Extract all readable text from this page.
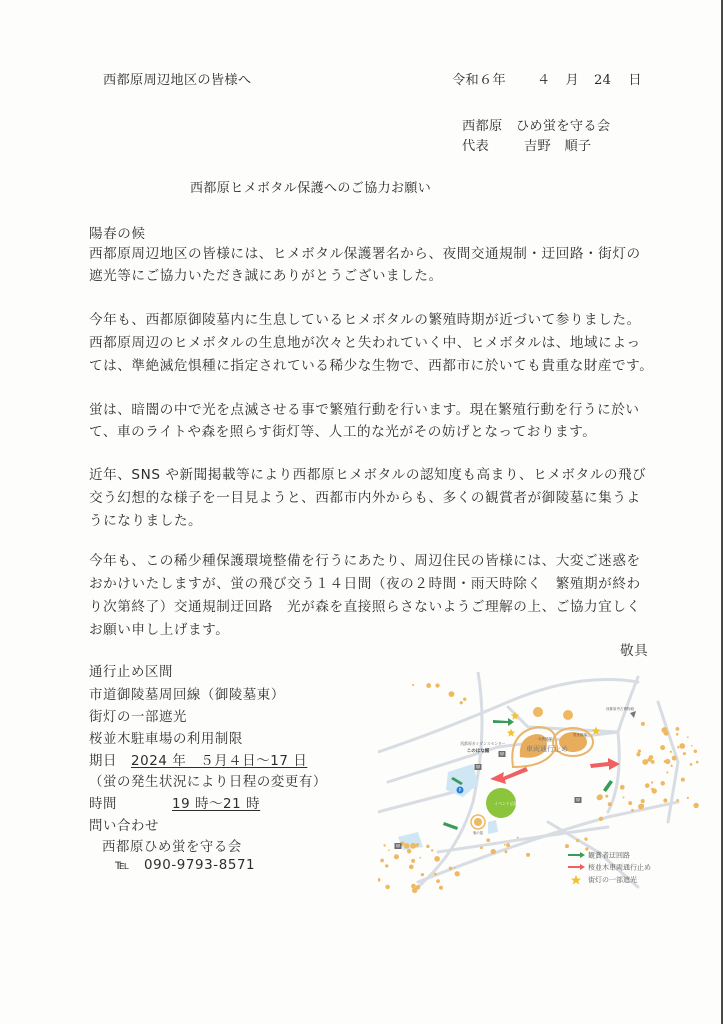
西都原周辺地区の皆様へ	令和６年 ４ 月 24 日
西都原　ひめ蛍を守る会
代表	吉野　順子
西都原ヒメボタル保護へのご協力お願い
陽春の候
西都原周辺地区の皆様には、ヒメボタル保護署名から、夜間交通規制・迂回路・街灯の
遮光等にご協力いただき誠にありがとうございました。
今年も、西都原御陵墓内に生息しているヒメボタルの繁殖時期が近づいて参りました。
西都原周辺のヒメボタルの生息地が次々と失われていく中、ヒメボタルは、地域によっ
ては、準絶滅危惧種に指定されている稀少な生物で、西都市に於いても貴重な財産です。
蛍は、暗闇の中で光を点滅させる事で繁殖行動を行います。現在繁殖行動を行うに於い
て、車のライトや森を照らす街灯等、人工的な光がその妨げとなっております。
近年、SNS や新聞掲載等により西都原ヒメボタルの認知度も高まり、ヒメボタルの飛び
交う幻想的な様子を一目見ようと、西都市内外からも、多くの観賞者が御陵墓に集うよ
うになりました。
今年も、この稀少種保護環境整備を行うにあたり、周辺住民の皆様には、大変ご迷惑を
おかけいたしますが、蛍の飛び交う１４日間（夜の２時間・雨天時除く　繁殖期が終わ
り次第終了）交通規制迂回路　光が森を直接照らさないようご理解の上、ご協力宜しく
お願い申し上げます。
敬具
通行止め区間
市道御陵墓周回線（御陵墓東）
街灯の一部遮光
桜並木駐車場の利用制限
期日 2024 年　５月４日～17 日
（蛍の発生状況により日程の変更有）
時間	19 時～21 時
問い合わせ
西都原ひめ蛍を守る会
℡ 090-9793-8571
イベント広場
P
W
W
W
W
西都原ガイダンスセンター
このはな館
女狭穂塚
男狭穂塚
車両通行止め
西都原考古博物館
鬼の窟
観賞者迂回路
桜並木車両通行止め
街灯の一部遮光
